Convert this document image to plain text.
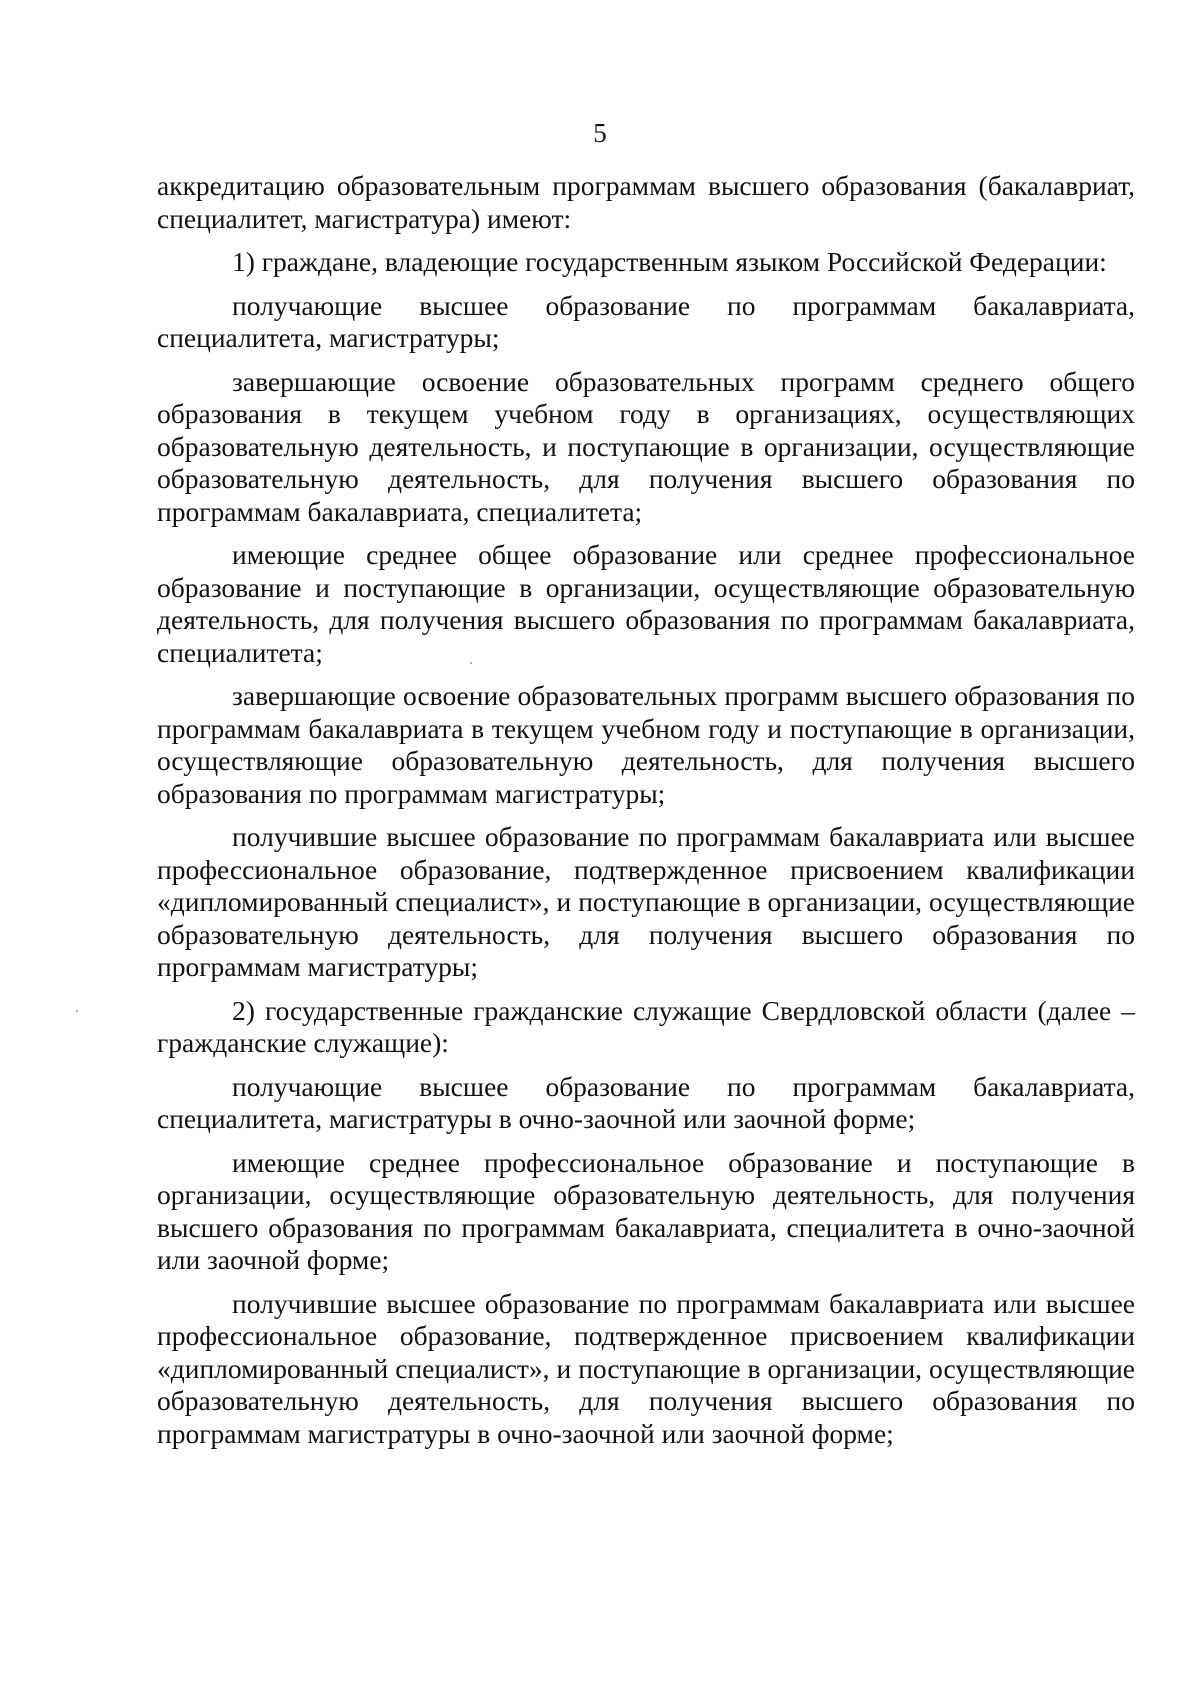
5

аккредитацию образовательным программам высшего образования (бакалавриат, специалитет, магистратура) имеют:

1) граждане, владеющие государственным языком Российской Федерации:

получающие высшее образование по программам бакалавриата, специалитета, магистратуры;

завершающие освоение образовательных программ среднего общего образования в текущем учебном году в организациях, осуществляющих образовательную деятельность, и поступающие в организации, осуществляющие образовательную деятельность, для получения высшего образования по программам бакалавриата, специалитета;

имеющие среднее общее образование или среднее профессиональное образование и поступающие в организации, осуществляющие образовательную деятельность, для получения высшего образования по программам бакалавриата, специалитета;

завершающие освоение образовательных программ высшего образования по программам бакалавриата в текущем учебном году и поступающие в организации, осуществляющие образовательную деятельность, для получения высшего образования по программам магистратуры;

получившие высшее образование по программам бакалавриата или высшее профессиональное образование, подтвержденное присвоением квалификации «дипломированный специалист», и поступающие в организации, осуществляющие образовательную деятельность, для получения высшего образования по программам магистратуры;

2) государственные гражданские служащие Свердловской области (далее – гражданские служащие):

получающие высшее образование по программам бакалавриата, специалитета, магистратуры в очно-заочной или заочной форме;

имеющие среднее профессиональное образование и поступающие в организации, осуществляющие образовательную деятельность, для получения высшего образования по программам бакалавриата, специалитета в очно-заочной или заочной форме;

получившие высшее образование по программам бакалавриата или высшее профессиональное образование, подтвержденное присвоением квалификации «дипломированный специалист», и поступающие в организации, осуществляющие образовательную деятельность, для получения высшего образования по программам магистратуры в очно-заочной или заочной форме;
